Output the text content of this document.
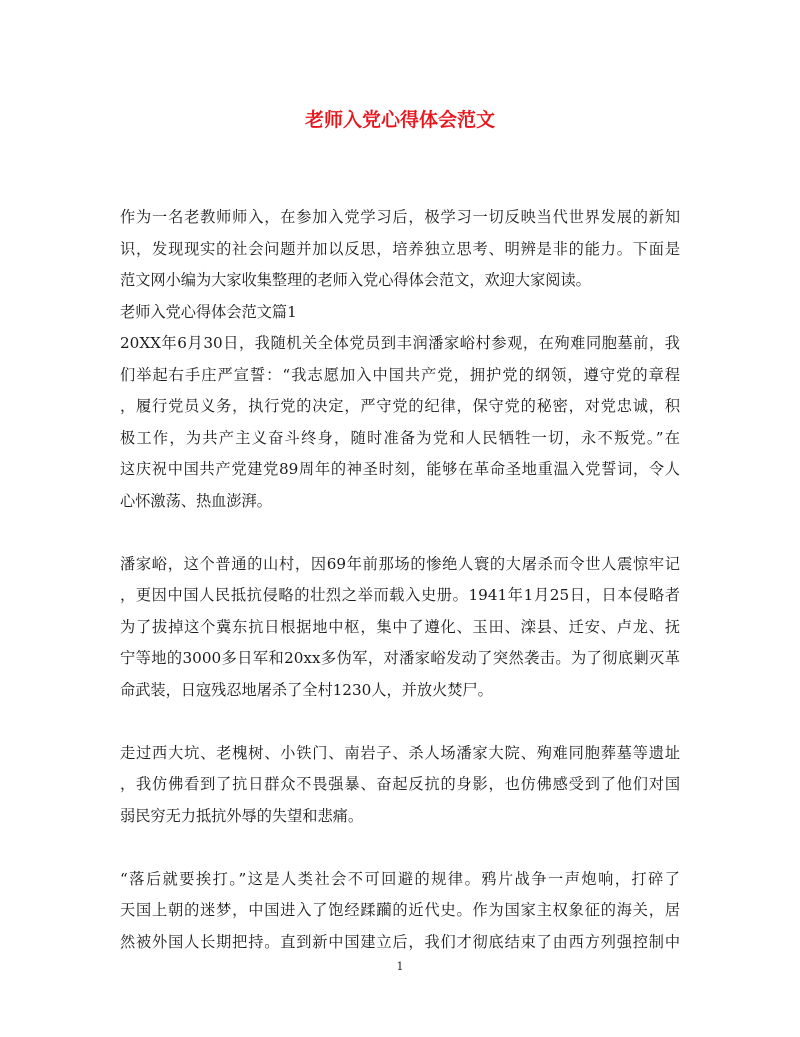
老师入党心得体会范文
作为一名老教师师入，在参加入党学习后，极学习一切反映当代世界发展的新知
识，发现现实的社会问题并加以反思，培养独立思考、明辨是非的能力。下面是
范文网小编为大家收集整理的老师入党心得体会范文，欢迎大家阅读。
老师入党心得体会范文篇1
20XX年6月30日，我随机关全体党员到丰润潘家峪村参观，在殉难同胞墓前，我
们举起右手庄严宣誓：“我志愿加入中国共产党，拥护党的纲领，遵守党的章程
，履行党员义务，执行党的决定，严守党的纪律，保守党的秘密，对党忠诚，积
极工作，为共产主义奋斗终身，随时准备为党和人民牺牲一切，永不叛党。”在
这庆祝中国共产党建党89周年的神圣时刻，能够在革命圣地重温入党誓词，令人
心怀激荡、热血澎湃。
潘家峪，这个普通的山村，因69年前那场的惨绝人寰的大屠杀而令世人震惊牢记
，更因中国人民抵抗侵略的壮烈之举而载入史册。1941年1月25日，日本侵略者
为了拔掉这个冀东抗日根据地中枢，集中了遵化、玉田、滦县、迁安、卢龙、抚
宁等地的3000多日军和20xx多伪军，对潘家峪发动了突然袭击。为了彻底剿灭革
命武装，日寇残忍地屠杀了全村1230人，并放火焚尸。
走过西大坑、老槐树、小铁门、南岩子、杀人场潘家大院、殉难同胞葬墓等遗址
，我仿佛看到了抗日群众不畏强暴、奋起反抗的身影，也仿佛感受到了他们对国
弱民穷无力抵抗外辱的失望和悲痛。
“落后就要挨打。”这是人类社会不可回避的规律。鸦片战争一声炮响，打碎了
天国上朝的迷梦，中国进入了饱经蹂躏的近代史。作为国家主权象征的海关，居
然被外国人长期把持。直到新中国建立后，我们才彻底结束了由西方列强控制中
1
